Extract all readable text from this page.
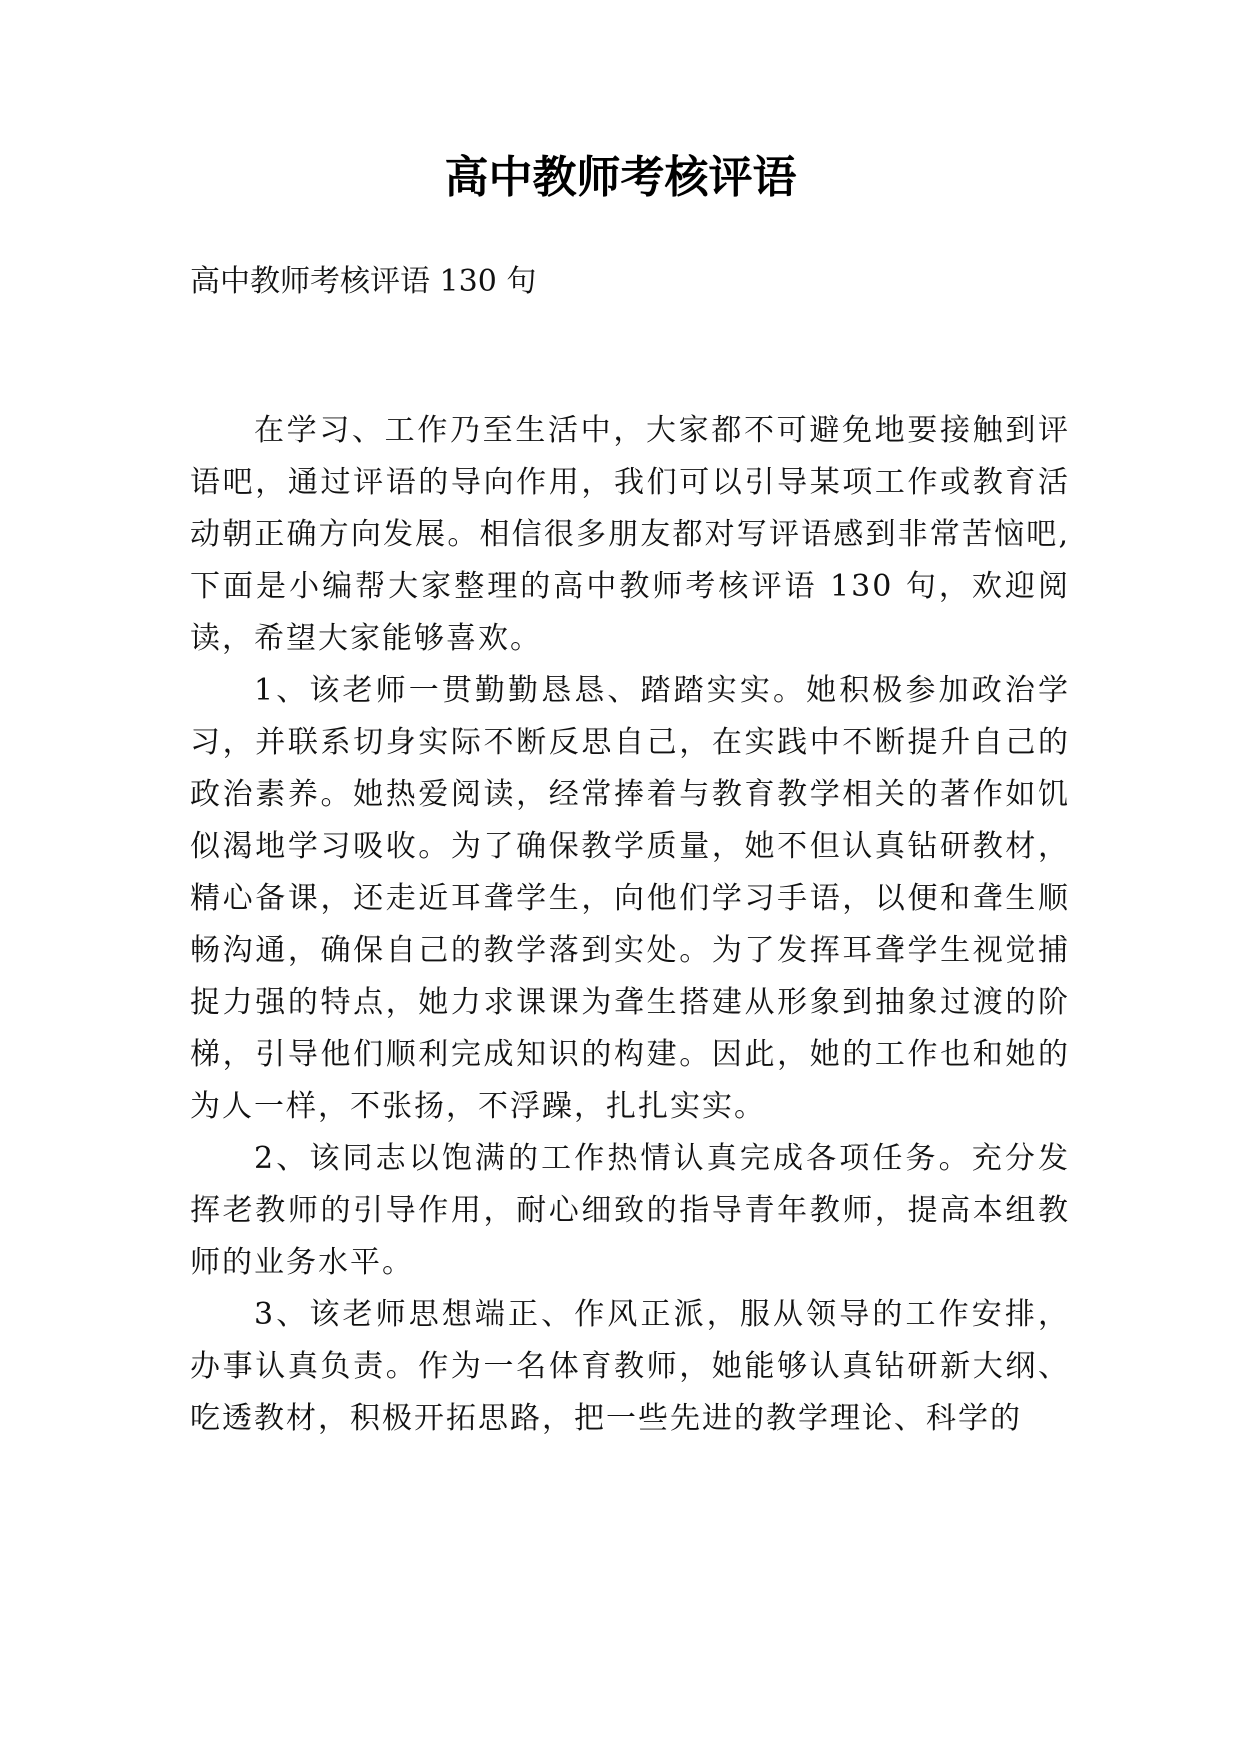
高中教师考核评语
高中教师考核评语 130 句

在学习、工作乃至生活中，大家都不可避免地要接触到评语吧，通过评语的导向作用，我们可以引导某项工作或教育活动朝正确方向发展。相信很多朋友都对写评语感到非常苦恼吧,下面是小编帮大家整理的高中教师考核评语 130 句，欢迎阅读，希望大家能够喜欢。

1、该老师一贯勤勤恳恳、踏踏实实。她积极参加政治学习，并联系切身实际不断反思自己，在实践中不断提升自己的政治素养。她热爱阅读，经常捧着与教育教学相关的著作如饥似渴地学习吸收。为了确保教学质量，她不但认真钻研教材，精心备课，还走近耳聋学生，向他们学习手语，以便和聋生顺畅沟通，确保自己的教学落到实处。为了发挥耳聋学生视觉捕捉力强的特点，她力求课课为聋生搭建从形象到抽象过渡的阶梯，引导他们顺利完成知识的构建。因此，她的工作也和她的为人一样，不张扬，不浮躁，扎扎实实。

2、该同志以饱满的工作热情认真完成各项任务。充分发挥老教师的引导作用，耐心细致的指导青年教师，提高本组教师的业务水平。

3、该老师思想端正、作风正派，服从领导的工作安排，办事认真负责。作为一名体育教师，她能够认真钻研新大纲、吃透教材，积极开拓思路，把一些先进的教学理论、科学的
